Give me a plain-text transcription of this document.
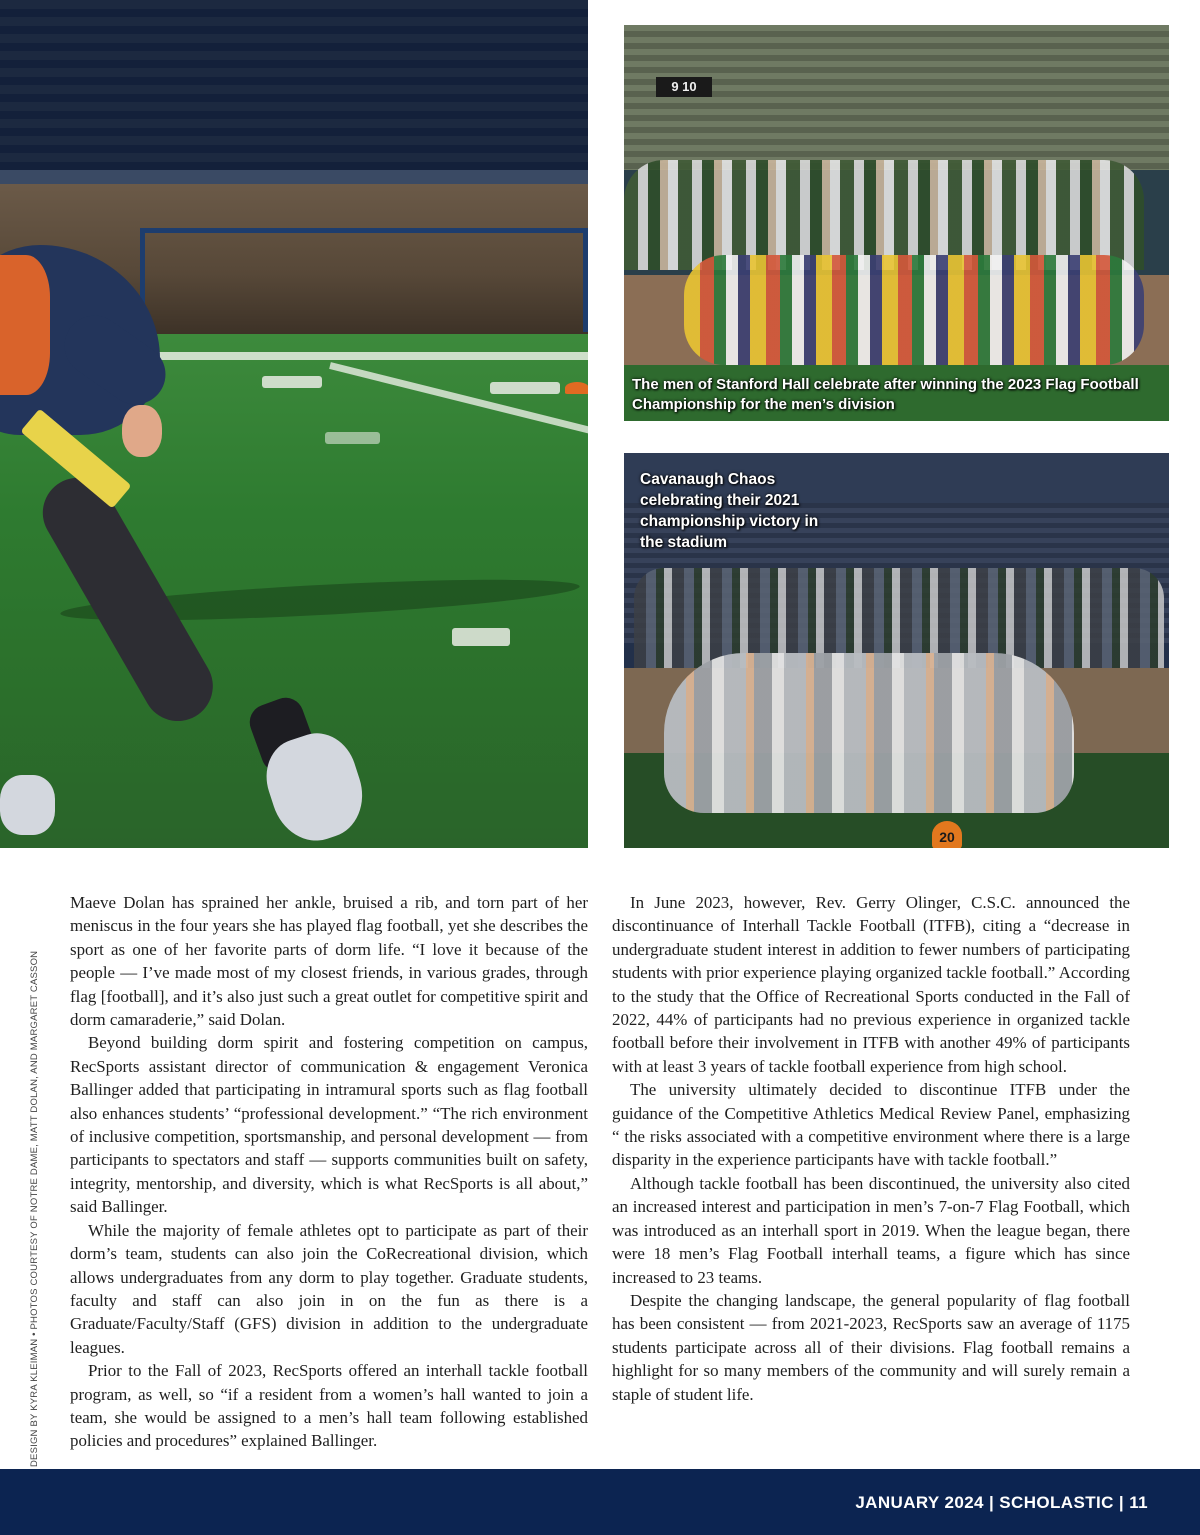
9 10
The men of Stanford Hall celebrate after winning the 2023 Flag Football Championship for the men’s division
20
Cavanaugh Chaos celebrating their 2021 championship victory in the stadium
DESIGN BY KYRA KLEIMAN • PHOTOS COURTESY OF NOTRE DAME, MATT DOLAN, AND MARGARET CASSON

Maeve Dolan has sprained her ankle, bruised a rib, and torn part of her meniscus in the four years she has played flag football, yet she describes the sport as one of her favorite parts of dorm life. “I love it because of the people — I’ve made most of my closest friends, in various grades, through flag [football], and it’s also just such a great outlet for competitive spirit and dorm camaraderie,” said Dolan.

Beyond building dorm spirit and fostering competition on campus, RecSports assistant director of communication & engagement Veronica Ballinger added that participating in intramural sports such as flag football also enhances students’ “professional development.” “The rich environment of inclusive competition, sportsmanship, and personal development — from participants to spectators and staff — supports communities built on safety, integrity, mentorship, and diversity, which is what RecSports is all about,” said Ballinger.

While the majority of female athletes opt to participate as part of their dorm’s team, students can also join the CoRecreational division, which allows undergraduates from any dorm to play together. Graduate students, faculty and staff can also join in on the fun as there is a Graduate/Faculty/Staff (GFS) division in addition to the undergraduate leagues.

Prior to the Fall of 2023, RecSports offered an interhall tackle football program, as well, so “if a resident from a women’s hall wanted to join a team, she would be assigned to a men’s hall team following established policies and procedures” explained Ballinger.

In June 2023, however, Rev. Gerry Olinger, C.S.C. announced the discontinuance of Interhall Tackle Football (ITFB), citing a “decrease in undergraduate student interest in addition to fewer numbers of participating students with prior experience playing organized tackle football.” According to the study that the Office of Recreational Sports conducted in the Fall of 2022, 44% of participants had no previous experience in organized tackle football before their involvement in ITFB with another 49% of participants with at least 3 years of tackle football experience from high school.

The university ultimately decided to discontinue ITFB under the guidance of the Competitive Athletics Medical Review Panel, emphasizing “ the risks associated with a competitive environment where there is a large disparity in the experience participants have with tackle football.”

Although tackle football has been discontinued, the university also cited an increased interest and participation in men’s 7-on-7 Flag Football, which was introduced as an interhall sport in 2019. When the league began, there were 18 men’s Flag Football interhall teams, a figure which has since increased to 23 teams.

Despite the changing landscape, the general popularity of flag football has been consistent — from 2021-2023, RecSports saw an average of 1175 students participate across all of their divisions. Flag football remains a highlight for so many members of the community and will surely remain a staple of student life.

JANUARY 2024 | SCHOLASTIC | 11
